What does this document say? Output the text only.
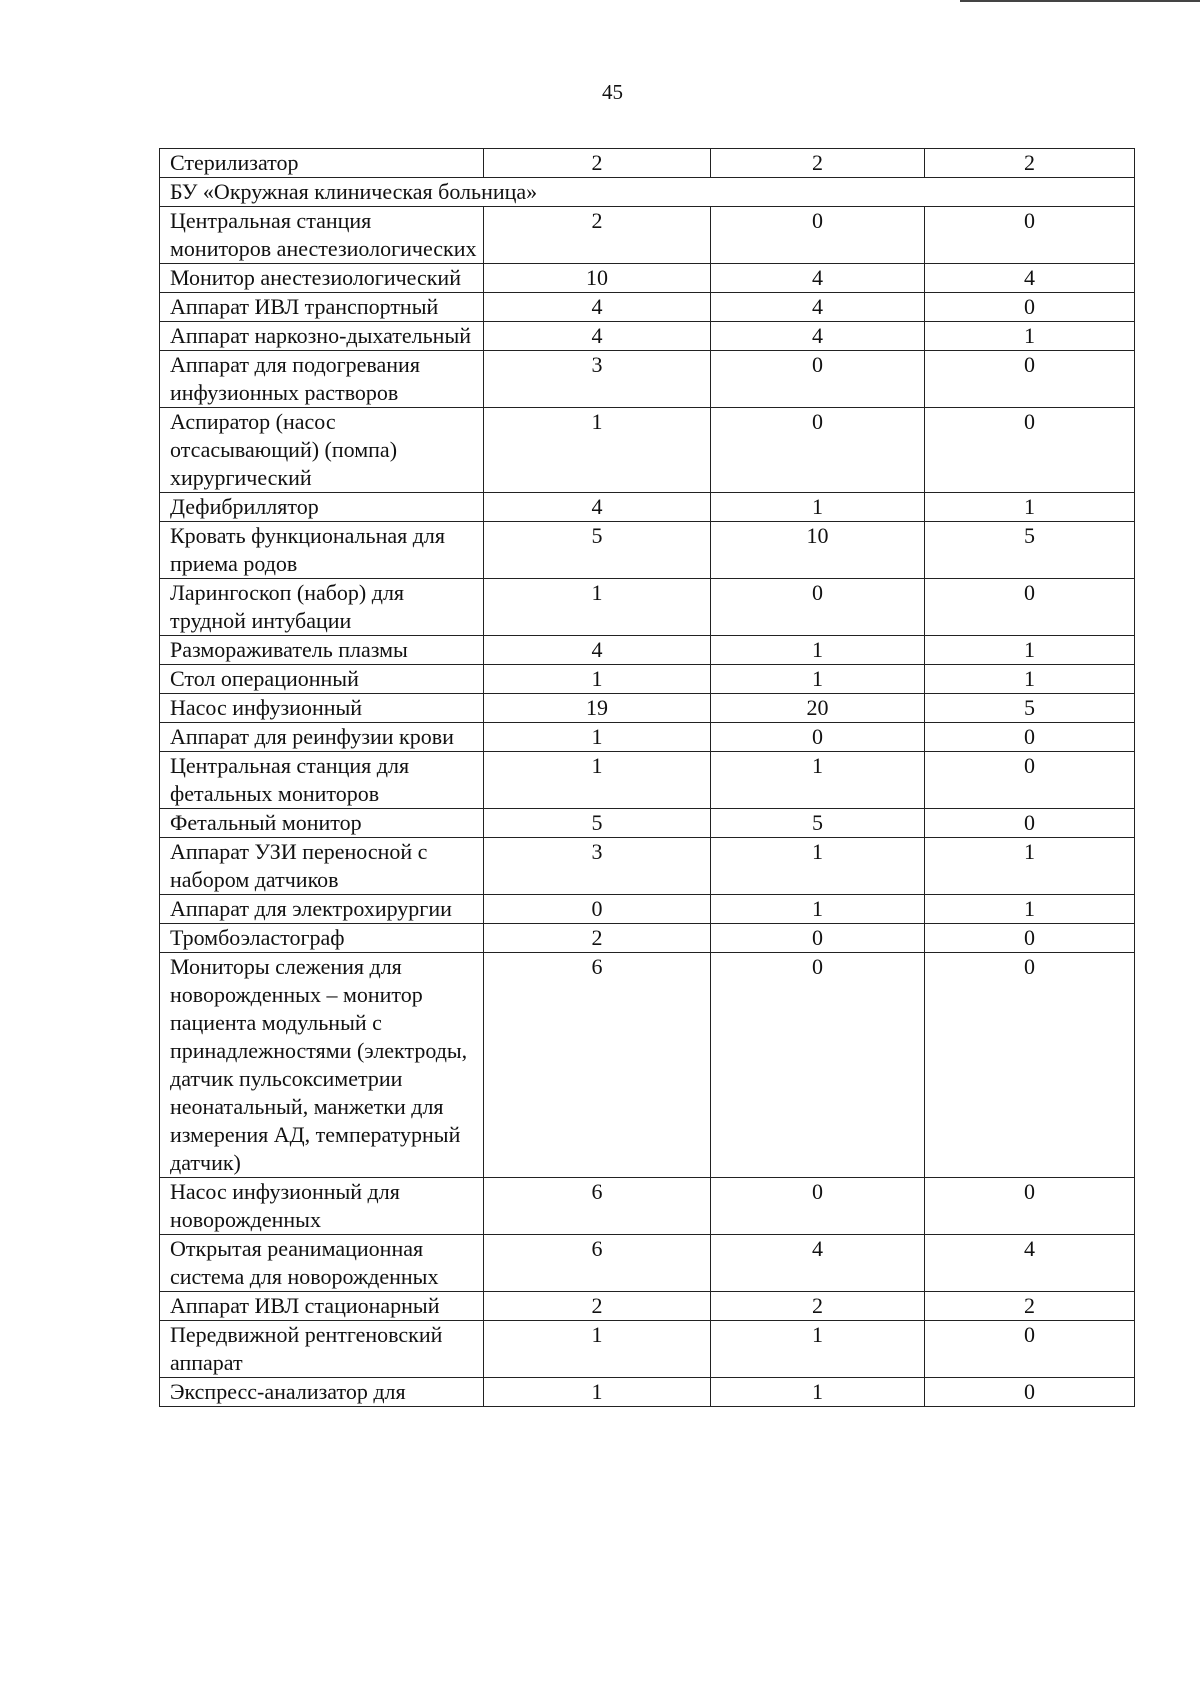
45
Стерилизатор	2	2	2
БУ «Окружная клиническая больница»			
Центральная станция мониторов анестезиологических	2	0	0
Монитор анестезиологический	10	4	4
Аппарат ИВЛ транспортный	4	4	0
Аппарат наркозно-дыхательный	4	4	1
Аппарат для подогревания инфузионных растворов	3	0	0
Аспиратор (насос отсасывающий) (помпа) хирургический	1	0	0
Дефибриллятор	4	1	1
Кровать функциональная для приема родов	5	10	5
Ларингоскоп (набор) для трудной интубации	1	0	0
Размораживатель плазмы	4	1	1
Стол операционный	1	1	1
Насос инфузионный	19	20	5
Аппарат для реинфузии крови	1	0	0
Центральная станция для фетальных мониторов	1	1	0
Фетальный монитор	5	5	0
Аппарат УЗИ переносной с набором датчиков	3	1	1
Аппарат для электрохирургии	0	1	1
Тромбоэластограф	2	0	0
Мониторы слежения для новорожденных – монитор пациента модульный с принадлежностями (электроды, датчик пульсоксиметрии неонатальный, манжетки для измерения АД, температурный датчик)	6	0	0
Насос инфузионный для новорожденных	6	0	0
Открытая реанимационная система для новорожденных	6	4	4
Аппарат ИВЛ стационарный	2	2	2
Передвижной рентгеновский аппарат	1	1	0
Экспресс-анализатор для	1	1	0
